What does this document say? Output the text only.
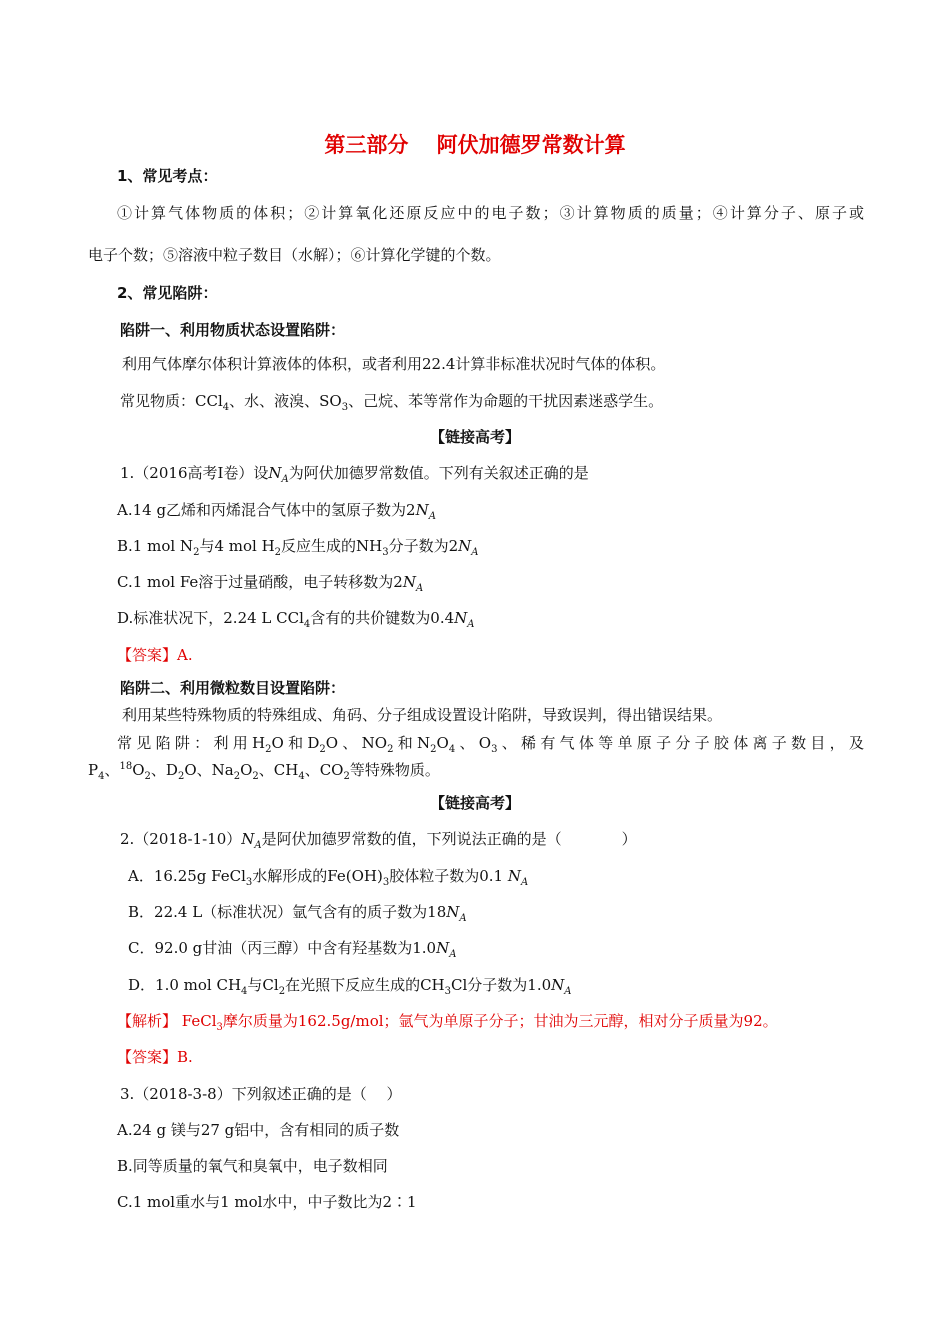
第三部分　 阿伏加德罗常数计算
1、常见考点：
①计算气体物质的体积；②计算氧化还原反应中的电子数；③计算物质的质量；④计算分子、原子或
电子个数；⑤溶液中粒子数目（水解）；⑥计算化学键的个数。
2、常见陷阱：
陷阱一、利用物质状态设置陷阱：
利用气体摩尔体积计算液体的体积，或者利用22.4计算非标准状况时气体的体积。
常见物质：CCl$_4$、水、液溴、$SO_3$、己烷、苯等常作为命题的干扰因素迷惑学生。
【链接高考】
1.（2016高考Ⅰ卷）设$N_A$为阿伏加德罗常数值。下列有关叙述正确的是
A.14 g乙烯和丙烯混合气体中的氢原子数为$2N_A$
B.1 mol $N_2$与4 mol $H_2$反应生成的$NH_3$分子数为$2N_A$
C.1 mol Fe溶于过量硝酸，电子转移数为$2N_A$
D.标准状况下，2.24 L CCl$_4$含有的共价键数为$0.4N_A$
【答案】A.
陷阱二、利用微粒数目设置陷阱：
利用某些特殊物质的特殊组成、角码、分子组成设置设计陷阱，导致误判，得出错误结果。
常见陷阱：利用$H_2O$和$D_2O$、$NO_2$和$N_2O_4$、$O_3$、稀有气体等单原子分子胶体离子数目，及
$P_4$、$^{18}O_2$、$D_2O$、$Na_2O_2$、$CH_4$、$CO_2$等特殊物质。
【链接高考】
$2.(2018-1-10)N_A$是阿伏加德罗常数的值，下列说法正确的是（　　　　）
A．16.25g FeCl$_3$水解形成的$Fe(OH)_3$胶体粒子数为0.1 $N_A$
B．22.4 L（标准状况）氩气含有的质子数为$18N_A$
C．92.0 g甘油（丙三醇）中含有羟基数为$1.0N_A$
D．1.0 mol $CH_4$与$Cl_2$在光照下反应生成的$CH_3Cl$分子数为$1.0N_A$
【解析】 FeCl$_3$摩尔质量为162.5g/mol；氩气为单原子分子；甘油为三元醇，相对分子质量为92。
【答案】B.
3.（2018-3-8）下列叙述正确的是（　 ）
A.24 g 镁与27 g铝中，含有相同的质子数
B.同等质量的氧气和臭氧中，电子数相同
C.1 mol重水与1 mol水中，中子数比为2∶1
